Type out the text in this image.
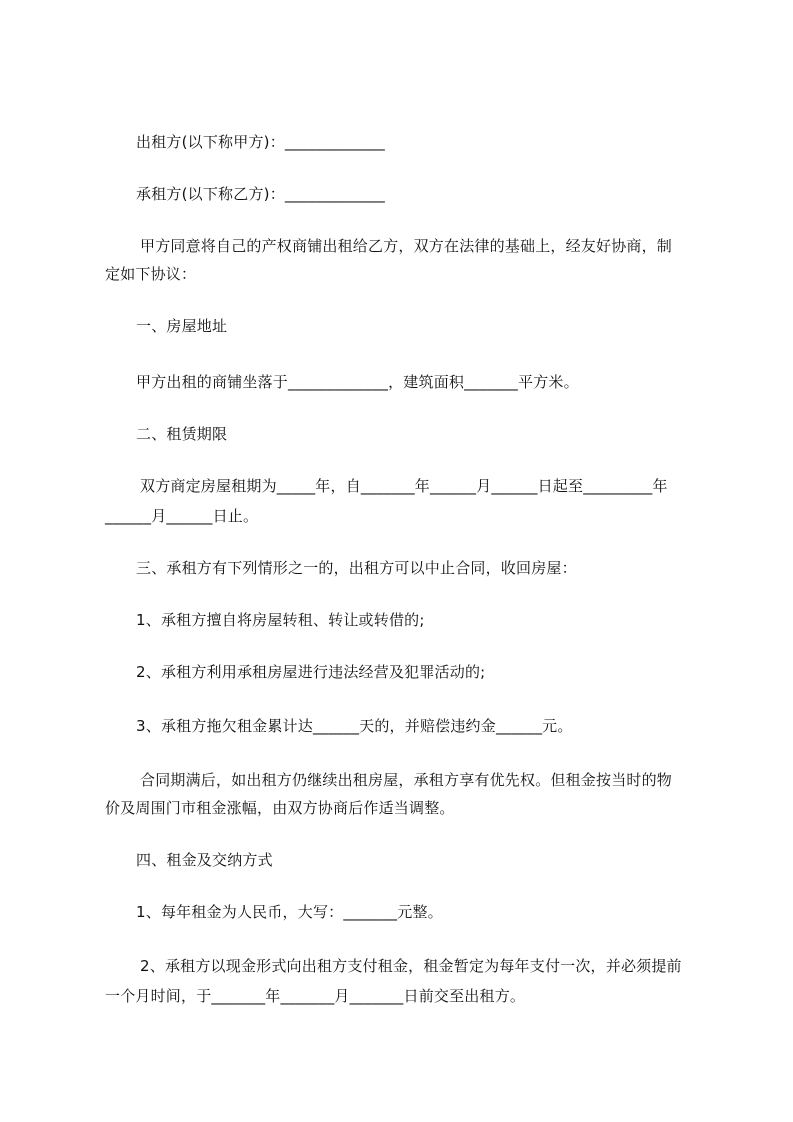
出租方(以下称甲方)：_____________
承租方(以下称乙方)：_____________
甲方同意将自己的产权商铺出租给乙方，双方在法律的基础上，经友好协商，制
定如下协议：
一、房屋地址
甲方出租的商铺坐落于_____________，建筑面积_______平方米。
二、租赁期限
双方商定房屋租期为_____年，自_______年______月______日起至_________年
______月______日止。
三、承租方有下列情形之一的，出租方可以中止合同，收回房屋：
1、承租方擅自将房屋转租、转让或转借的;
2、承租方利用承租房屋进行违法经营及犯罪活动的;
3、承租方拖欠租金累计达______天的，并赔偿违约金______元。
合同期满后，如出租方仍继续出租房屋，承租方享有优先权。但租金按当时的物
价及周围门市租金涨幅，由双方协商后作适当调整。
四、租金及交纳方式
1、每年租金为人民币，大写：_______元整。
2、承租方以现金形式向出租方支付租金，租金暂定为每年支付一次，并必须提前
一个月时间，于_______年_______月_______日前交至出租方。
